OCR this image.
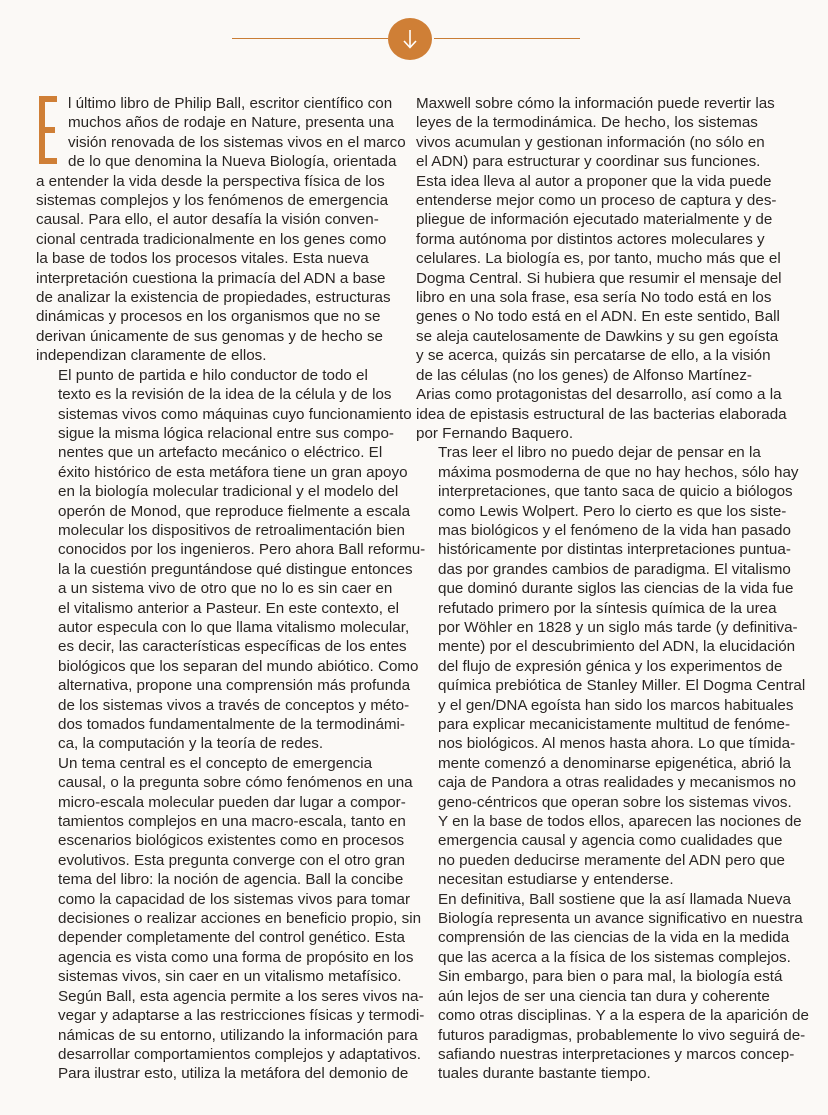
l último libro de Philip Ball, escritor científico con
muchos años de rodaje en Nature, presenta una
visión renovada de los sistemas vivos en el marco
de lo que denomina la Nueva Biología, orientada
a entender la vida desde la perspectiva física de los
sistemas complejos y los fenómenos de emergencia
causal. Para ello, el autor desafía la visión conven-
cional centrada tradicionalmente en los genes como
la base de todos los procesos vitales. Esta nueva
interpretación cuestiona la primacía del ADN a base
de analizar la existencia de propiedades, estructuras
dinámicas y procesos en los organismos que no se
derivan únicamente de sus genomas y de hecho se
independizan claramente de ellos.

El punto de partida e hilo conductor de todo el
texto es la revisión de la idea de la célula y de los
sistemas vivos como máquinas cuyo funcionamiento
sigue la misma lógica relacional entre sus compo-
nentes que un artefacto mecánico o eléctrico. El
éxito histórico de esta metáfora tiene un gran apoyo
en la biología molecular tradicional y el modelo del
operón de Monod, que reproduce fielmente a escala
molecular los dispositivos de retroalimentación bien
conocidos por los ingenieros. Pero ahora Ball reformu-
la la cuestión preguntándose qué distingue entonces
a un sistema vivo de otro que no lo es sin caer en
el vitalismo anterior a Pasteur. En este contexto, el
autor especula con lo que llama vitalismo molecular,
es decir, las características específicas de los entes
biológicos que los separan del mundo abiótico. Como
alternativa, propone una comprensión más profunda
de los sistemas vivos a través de conceptos y méto-
dos tomados fundamentalmente de la termodinámi-
ca, la computación y la teoría de redes.

Un tema central es el concepto de emergencia
causal, o la pregunta sobre cómo fenómenos en una
micro-escala molecular pueden dar lugar a compor-
tamientos complejos en una macro-escala, tanto en
escenarios biológicos existentes como en procesos
evolutivos. Esta pregunta converge con el otro gran
tema del libro: la noción de agencia. Ball la concibe
como la capacidad de los sistemas vivos para tomar
decisiones o realizar acciones en beneficio propio, sin
depender completamente del control genético. Esta
agencia es vista como una forma de propósito en los
sistemas vivos, sin caer en un vitalismo metafísico.
Según Ball, esta agencia permite a los seres vivos na-
vegar y adaptarse a las restricciones físicas y termodi-
námicas de su entorno, utilizando la información para
desarrollar comportamientos complejos y adaptativos.
Para ilustrar esto, utiliza la metáfora del demonio de

Maxwell sobre cómo la información puede revertir las
leyes de la termodinámica. De hecho, los sistemas
vivos acumulan y gestionan información (no sólo en
el ADN) para estructurar y coordinar sus funciones.
Esta idea lleva al autor a proponer que la vida puede
entenderse mejor como un proceso de captura y des-
pliegue de información ejecutado materialmente y de
forma autónoma por distintos actores moleculares y
celulares. La biología es, por tanto, mucho más que el
Dogma Central. Si hubiera que resumir el mensaje del
libro en una sola frase, esa sería No todo está en los
genes o No todo está en el ADN. En este sentido, Ball
se aleja cautelosamente de Dawkins y su gen egoísta
y se acerca, quizás sin percatarse de ello, a la visión
de las células (no los genes) de Alfonso Martínez-
Arias como protagonistas del desarrollo, así como a la
idea de epistasis estructural de las bacterias elaborada
por Fernando Baquero.

Tras leer el libro no puedo dejar de pensar en la
máxima posmoderna de que no hay hechos, sólo hay
interpretaciones, que tanto saca de quicio a biólogos
como Lewis Wolpert. Pero lo cierto es que los siste-
mas biológicos y el fenómeno de la vida han pasado
históricamente por distintas interpretaciones puntua-
das por grandes cambios de paradigma. El vitalismo
que dominó durante siglos las ciencias de la vida fue
refutado primero por la síntesis química de la urea
por Wöhler en 1828 y un siglo más tarde (y definitiva-
mente) por el descubrimiento del ADN, la elucidación
del flujo de expresión génica y los experimentos de
química prebiótica de Stanley Miller. El Dogma Central
y el gen/DNA egoísta han sido los marcos habituales
para explicar mecanicistamente multitud de fenóme-
nos biológicos. Al menos hasta ahora. Lo que tímida-
mente comenzó a denominarse epigenética, abrió la
caja de Pandora a otras realidades y mecanismos no
geno-céntricos que operan sobre los sistemas vivos.
Y en la base de todos ellos, aparecen las nociones de
emergencia causal y agencia como cualidades que
no pueden deducirse meramente del ADN pero que
necesitan estudiarse y entenderse.

En definitiva, Ball sostiene que la así llamada Nueva
Biología representa un avance significativo en nuestra
comprensión de las ciencias de la vida en la medida
que las acerca a la física de los sistemas complejos.
Sin embargo, para bien o para mal, la biología está
aún lejos de ser una ciencia tan dura y coherente
como otras disciplinas. Y a la espera de la aparición de
futuros paradigmas, probablemente lo vivo seguirá de-
safiando nuestras interpretaciones y marcos concep-
tuales durante bastante tiempo.
